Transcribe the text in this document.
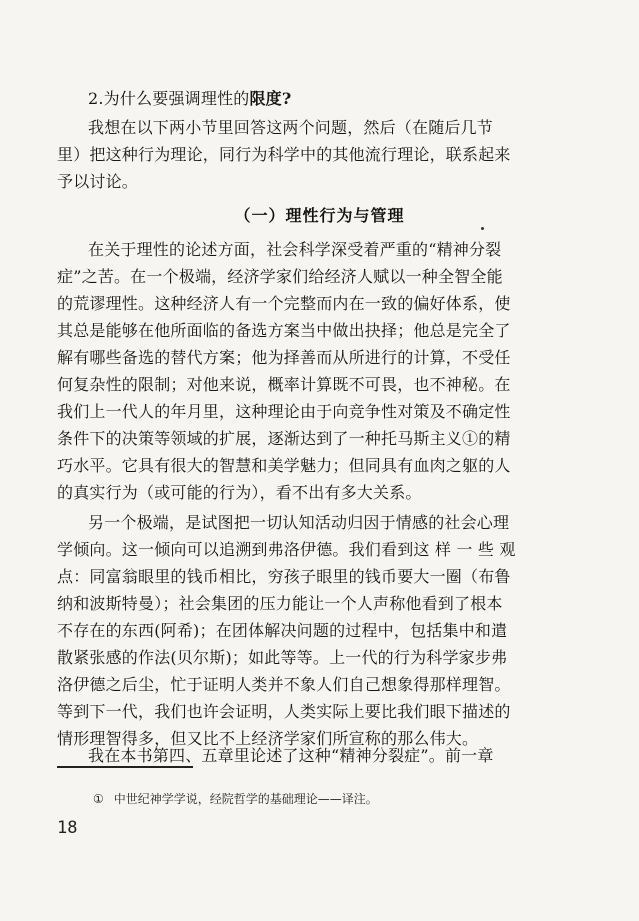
2.为什么要强调理性的限度?
我想在以下两小节里回答这两个问题，然后（在随后几节
里）把这种行为理论，同行为科学中的其他流行理论，联系起来
予以讨论。
（一）理性行为与管理
在关于理性的论述方面，社会科学深受着严重的“精神分裂
症”之苦。在一个极端，经济学家们给经济人赋以一种全智全能
的荒谬理性。这种经济人有一个完整而内在一致的偏好体系，使
其总是能够在他所面临的备选方案当中做出抉择；他总是完全了
解有哪些备选的替代方案；他为择善而从所进行的计算，不受任
何复杂性的限制；对他来说，概率计算既不可畏，也不神秘。在
我们上一代人的年月里，这种理论由于向竞争性对策及不确定性
条件下的决策等领域的扩展，逐渐达到了一种托马斯主义①的精
巧水平。它具有很大的智慧和美学魅力；但同具有血肉之躯的人
的真实行为（或可能的行为），看不出有多大关系。
另一个极端，是试图把一切认知活动归因于情感的社会心理
学倾向。这一倾向可以追溯到弗洛伊德。我们看到这 样 一 些 观
点：同富翁眼里的钱币相比，穷孩子眼里的钱币要大一圈（布鲁
纳和波斯特曼）；社会集团的压力能让一个人声称他看到了根本
不存在的东西(阿希)；在团体解决问题的过程中，包括集中和遣
散紧张感的作法(贝尔斯)；如此等等。上一代的行为科学家步弗
洛伊德之后尘，忙于证明人类并不象人们自己想象得那样理智。
等到下一代，我们也许会证明，人类实际上要比我们眼下描述的
情形理智得多，但又比不上经济学家们所宣称的那么伟大。
我在本书第四、五章里论述了这种“精神分裂症”。前一章
① 中世纪神学学说，经院哲学的基础理论——译注。
18
